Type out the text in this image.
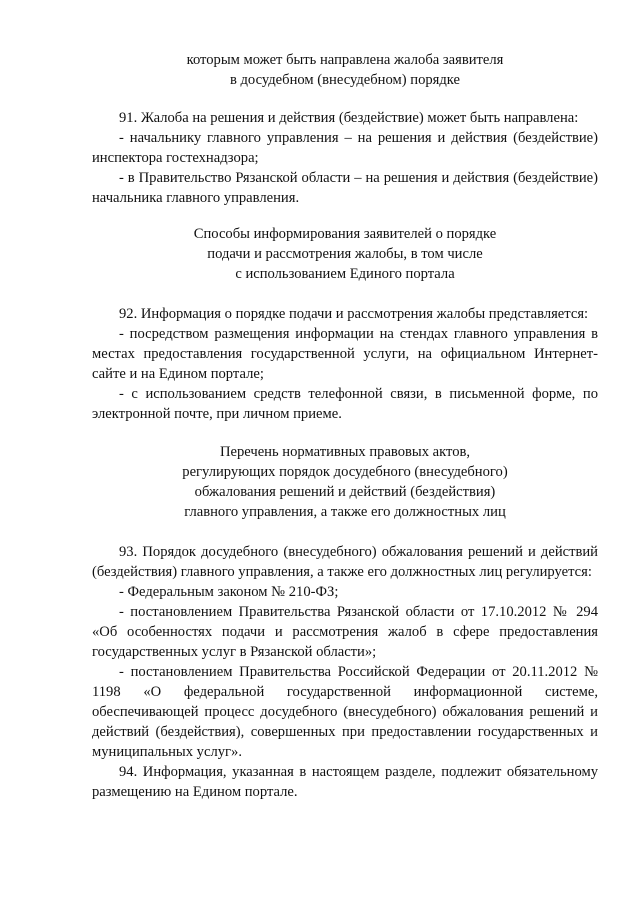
которым может быть направлена жалоба заявителя
в досудебном (внесудебном) порядке
91. Жалоба на решения и действия (бездействие) может быть направлена:
- начальнику главного управления – на решения и действия (бездействие) инспектора гостехнадзора;
- в Правительство Рязанской области – на решения и действия (бездействие) начальника главного управления.
Способы информирования заявителей о порядке
подачи и рассмотрения жалобы, в том числе
с использованием Единого портала
92. Информация о порядке подачи и рассмотрения жалобы представляется:
- посредством размещения информации на стендах главного управления в местах предоставления государственной услуги, на официальном Интернет-сайте и на Едином портале;
- с использованием средств телефонной связи, в письменной форме, по электронной почте, при личном приеме.
Перечень нормативных правовых актов,
регулирующих порядок досудебного (внесудебного)
обжалования решений и действий (бездействия)
главного управления, а также его должностных лиц
93. Порядок досудебного (внесудебного) обжалования решений и действий (бездействия) главного управления, а также его должностных лиц регулируется:
- Федеральным законом № 210-ФЗ;
- постановлением Правительства Рязанской области от 17.10.2012 № 294 «Об особенностях подачи и рассмотрения жалоб в сфере предоставления государственных услуг в Рязанской области»;
- постановлением Правительства Российской Федерации от 20.11.2012 № 1198 «О федеральной государственной информационной системе, обеспечивающей процесс досудебного (внесудебного) обжалования решений и действий (бездействия), совершенных при предоставлении государственных и муниципальных услуг».
94. Информация, указанная в настоящем разделе, подлежит обязательному размещению на Едином портале.
